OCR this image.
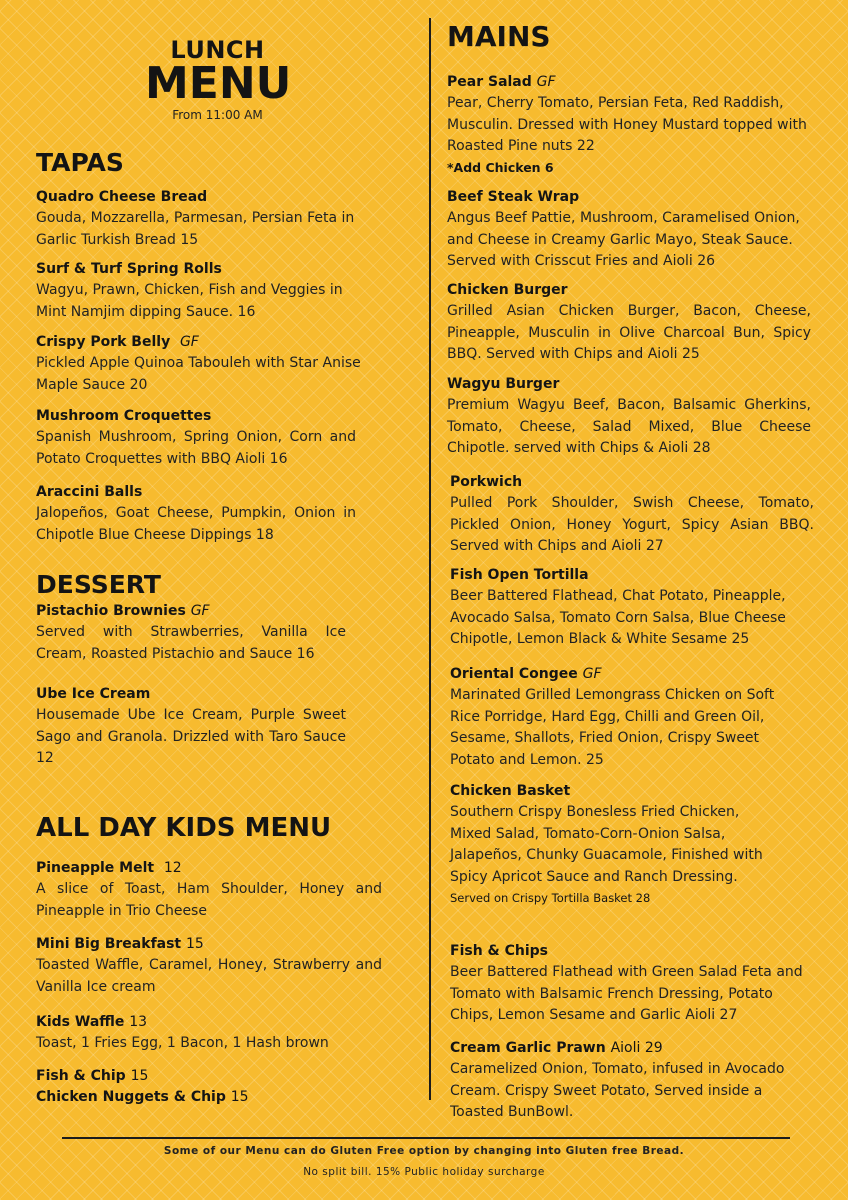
LUNCH
MENU
From 11:00 AM
TAPAS
Quadro Cheese Bread
Gouda, Mozzarella, Parmesan, Persian Feta in Garlic Turkish Bread 15
Surf & Turf Spring Rolls
Wagyu, Prawn, Chicken, Fish and Veggies in Mint Namjim dipping Sauce. 16
Crispy Pork Belly GF
Pickled Apple Quinoa Tabouleh with Star Anise Maple Sauce 20
Mushroom Croquettes
Spanish Mushroom, Spring Onion, Corn and Potato Croquettes with BBQ Aioli 16
Araccini Balls
Jalopeños, Goat Cheese, Pumpkin, Onion in Chipotle Blue Cheese Dippings 18
DESSERT
Pistachio Brownies GF
Served with Strawberries, Vanilla Ice Cream, Roasted Pistachio and Sauce 16
Ube Ice Cream
Housemade Ube Ice Cream, Purple Sweet Sago and Granola. Drizzled with Taro Sauce 12
ALL DAY KIDS MENU
Pineapple Melt 12
A slice of Toast, Ham Shoulder, Honey and Pineapple in Trio Cheese
Mini Big Breakfast 15
Toasted Waffle, Caramel, Honey, Strawberry and Vanilla Ice cream
Kids Waffle 13
Toast, 1 Fries Egg, 1 Bacon, 1 Hash brown
Fish & Chip 15
Chicken Nuggets & Chip 15
MAINS
Pear Salad GF
Pear, Cherry Tomato, Persian Feta, Red Raddish, Musculin. Dressed with Honey Mustard topped with Roasted Pine nuts 22
*Add Chicken 6
Beef Steak Wrap
Angus Beef Pattie, Mushroom, Caramelised Onion, and Cheese in Creamy Garlic Mayo, Steak Sauce. Served with Crisscut Fries and Aioli 26
Chicken Burger
Grilled Asian Chicken Burger, Bacon, Cheese, Pineapple, Musculin in Olive Charcoal Bun, Spicy BBQ. Served with Chips and Aioli 25
Wagyu Burger
Premium Wagyu Beef, Bacon, Balsamic Gherkins, Tomato, Cheese, Salad Mixed, Blue Cheese Chipotle. served with Chips & Aioli 28
Porkwich
Pulled Pork Shoulder, Swish Cheese, Tomato, Pickled Onion, Honey Yogurt, Spicy Asian BBQ. Served with Chips and Aioli 27
Fish Open Tortilla
Beer Battered Flathead, Chat Potato, Pineapple, Avocado Salsa, Tomato Corn Salsa, Blue Cheese Chipotle, Lemon Black & White Sesame 25
Oriental Congee GF
Marinated Grilled Lemongrass Chicken on Soft Rice Porridge, Hard Egg, Chilli and Green Oil, Sesame, Shallots, Fried Onion, Crispy Sweet Potato and Lemon. 25
Chicken Basket
Southern Crispy Bonesless Fried Chicken, Mixed Salad, Tomato-Corn-Onion Salsa, Jalapeños, Chunky Guacamole, Finished with Spicy Apricot Sauce and Ranch Dressing.
Served on Crispy Tortilla Basket 28
Fish & Chips
Beer Battered Flathead with Green Salad Feta and Tomato with Balsamic French Dressing, Potato Chips, Lemon Sesame and Garlic Aioli 27
Cream Garlic Prawn Aioli 29
Caramelized Onion, Tomato, infused in Avocado Cream. Crispy Sweet Potato, Served inside a Toasted BunBowl.
Some of our Menu can do Gluten Free option by changing into Gluten free Bread.
No split bill. 15% Public holiday surcharge
